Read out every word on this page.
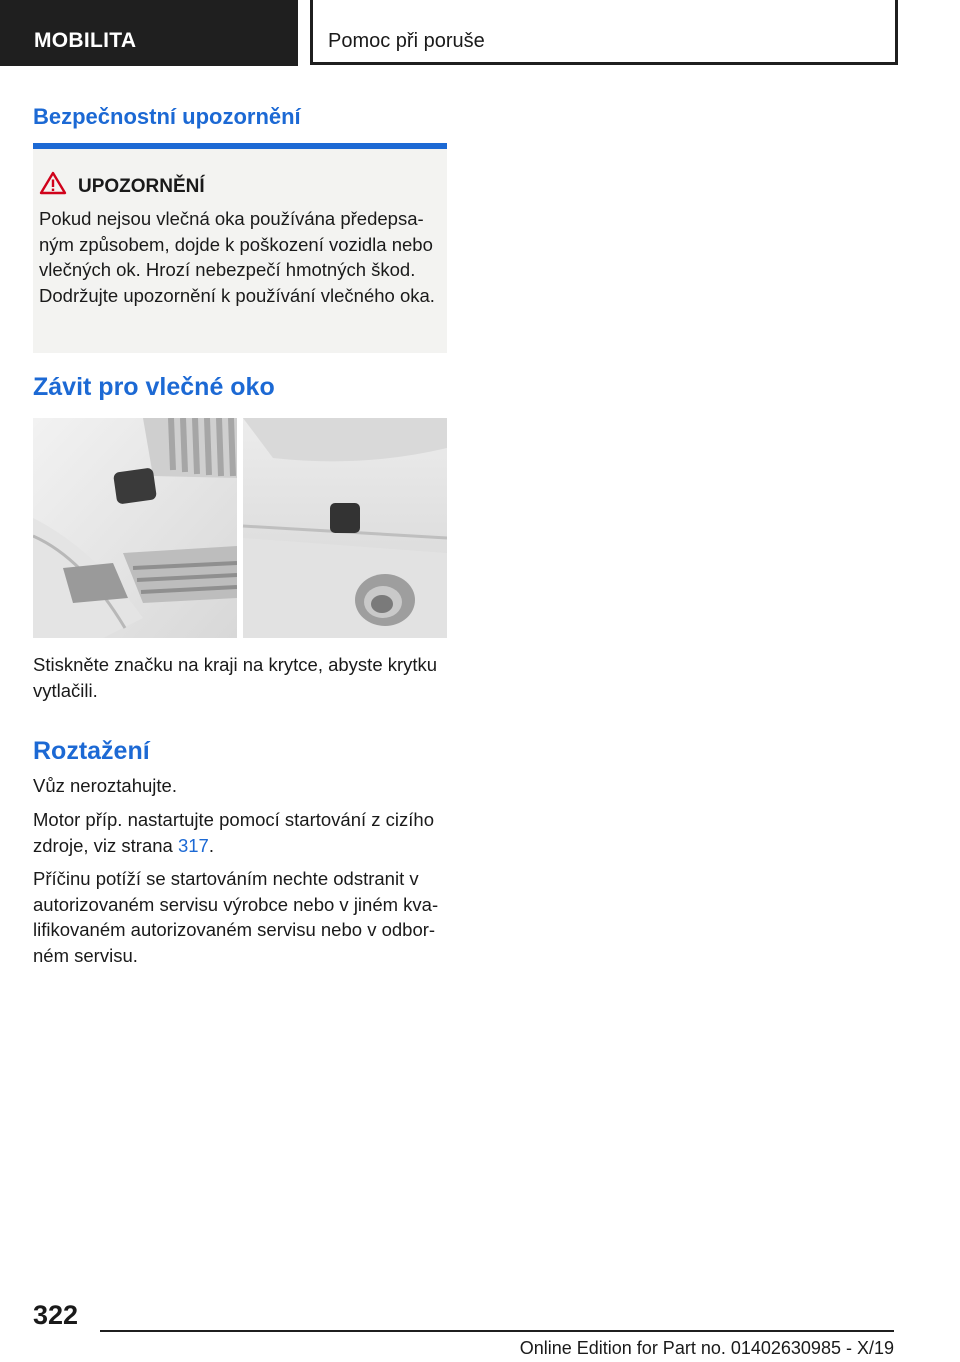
MOBILITA	Pomoc při poruše
Bezpečnostní upozornění
UPOZORNĚNÍ
Pokud nejsou vlečná oka používána předepsaným způsobem, dojde k poškození vozidla nebo vlečných ok. Hrozí nebezpečí hmotných škod. Dodržujte upozornění k používání vlečného oka.
Závit pro vlečné oko
Stiskněte značku na kraji na krytce, abyste krytku vytlačili.
Roztažení
Vůz neroztahujte.
Motor příp. nastartujte pomocí startování z cizího zdroje, viz strana 317.
Příčinu potíží se startováním nechte odstranit v autorizovaném servisu výrobce nebo v jiném kvalifikovaném autorizovaném servisu nebo v odborném servisu.
322
Online Edition for Part no. 01402630985 - X/19
